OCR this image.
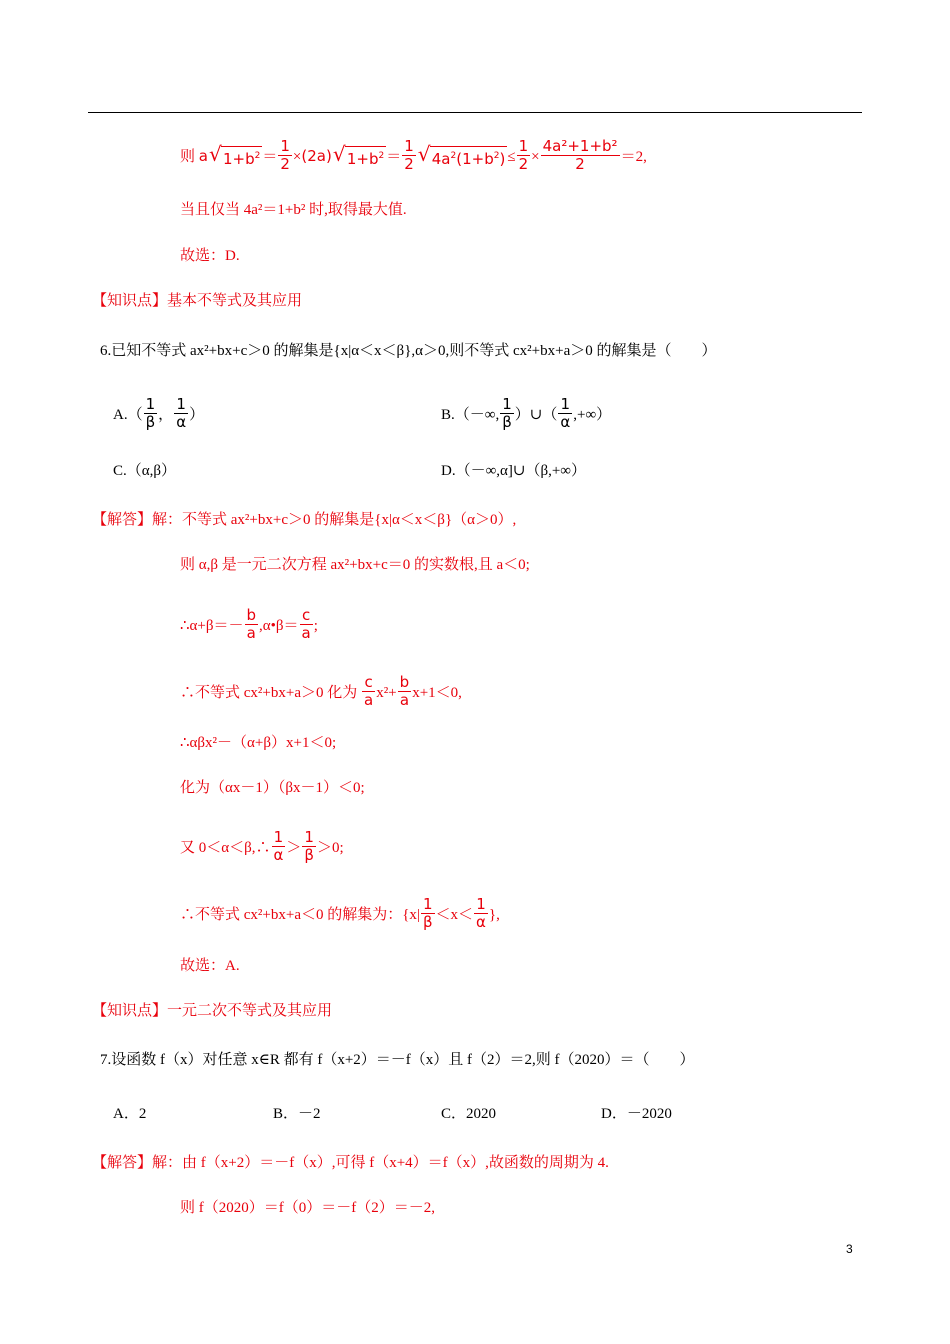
则 a√ $1+b^2 = \frac{1}{2} \times(2a)√$ $1+b^2 = \frac{1}{2}$
√ $4a^2(1+b^2) \le \frac{1}{2} \times \frac{\text{4a²+1+b²}}{2} =2$,
当且仅当 4a²＝1+b² 时,取得最大值.
故选：D.
【知识点】基本不等式及其应用
6.已知不等式 ax²+bx+c＞0 的解集是{x|α＜x＜β},α＞0,则不等式 cx²+bx+a＞0 的解集是（　　）
$A.( \frac{1}{\beta}$ ， $\frac{1}{\alpha}$ ）	B.（－∞, $\frac{1}{\beta}$ ）∪（ $\frac{1}{\alpha}$ ,+∞）
C.（α,β）	D.（－∞,α]∪（β,+∞）
【解答】解：不等式 ax²+bx+c＞0 的解集是{x|α＜x＜β}（α＞0）,
则 α,β 是一元二次方程 ax²+bx+c＝0 的实数根,且 a＜0;
∴α+β＝－ $\frac{b}{a}$ ,α•β＝ $\frac{c}{a}$ ;
∴不等式 cx²+bx+a＞0 化为 $\frac{c}{a} x^2+ \frac{b}{a} x+1<0$,
∴αβx²－（α+β）x+1＜0;
化为（αx－1）（βx－1）＜0;
又 0＜α＜β,∴ $\frac{1}{\alpha} > \frac{1}{\beta} >0$;
∴不等式 cx²+bx+a＜0 的解集为：{$x| \frac{1}{\beta} <x< \frac{1}{\alpha}$ },
故选：A.
【知识点】一元二次不等式及其应用
7.设函数 f（x）对任意 x∈R 都有 f（x+2）＝－f（x）且 f（2）＝2,则 f（2020）＝（　　）
A．2	B．－2	C．2020	D．－2020
【解答】解：由 f（x+2）＝－f（x）,可得 f（x+4）＝f（x）,故函数的周期为 4.
则 f（2020）＝f（0）＝－f（2）＝－2,
3
